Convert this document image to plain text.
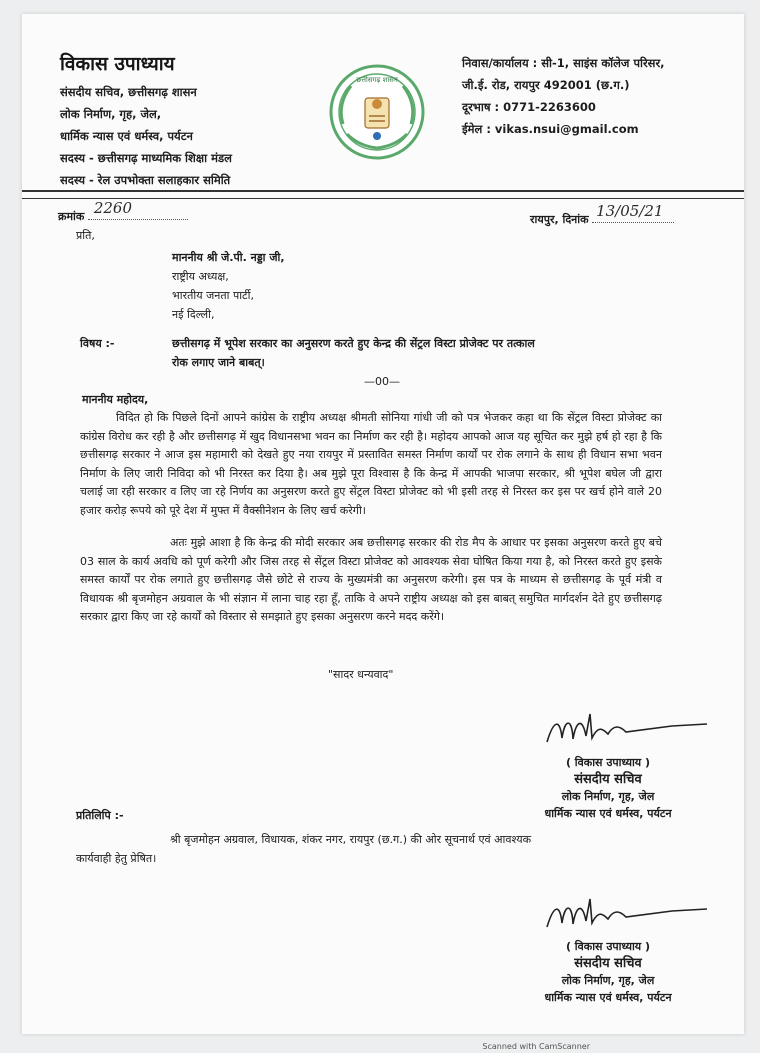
विकास उपाध्याय
संसदीय सचिव, छत्तीसगढ़ शासन
लोक निर्माण, गृह, जेल,
धार्मिक न्यास एवं धर्मस्व, पर्यटन
सदस्य - छत्तीसगढ़ माध्यमिक शिक्षा मंडल
सदस्य - रेल उपभोक्ता सलाहकार समिति
छत्तीसगढ़ शासन
निवास/कार्यालय : सी-1, साइंस कॉलेज परिसर,
जी.ई. रोड, रायपुर 492001 (छ.ग.)
दूरभाष : 0771-2263600
ईमेल : vikas.nsui@gmail.com
क्रमांक 2260
रायपुर, दिनांक 13/05/21
प्रति,
माननीय श्री जे.पी. नड्डा जी,
राष्ट्रीय अध्यक्ष,
भारतीय जनता पार्टी,
नई दिल्ली,
विषय :-	छत्तीसगढ़ में भूपेश सरकार का अनुसरण करते हुए केन्द्र की सेंट्रल विस्टा प्रोजेक्ट पर तत्काल
रोक लगाए जाने बाबत्।
—00—
माननीय महोदय,
विदित हो कि पिछले दिनों आपने कांग्रेस के राष्ट्रीय अध्यक्ष श्रीमती सोनिया गांधी जी को पत्र भेजकर कहा था कि सेंट्रल विस्टा प्रोजेक्ट का कांग्रेस विरोध कर रही है और छत्तीसगढ़ में खुद विधानसभा भवन का निर्माण कर रही है। महोदय आपको आज यह सूचित कर मुझे हर्ष हो रहा है कि छत्तीसगढ़ सरकार ने आज इस महामारी को देखते हुए नया रायपुर में प्रस्तावित समस्त निर्माण कार्यों पर रोक लगाने के साथ ही विधान सभा भवन निर्माण के लिए जारी निविदा को भी निरस्त कर दिया है। अब मुझे पूरा विश्वास है कि केन्द्र में आपकी भाजपा सरकार, श्री भूपेश बघेल जी द्वारा चलाई जा रही सरकार व लिए जा रहे निर्णय का अनुसरण करते हुए सेंट्रल विस्टा प्रोजेक्ट को भी इसी तरह से निरस्त कर इस पर खर्च होने वाले 20 हजार करोड़ रूपये को पूरे देश में मुफ्त में वैक्सीनेशन के लिए खर्च करेगी।
अतः मुझे आशा है कि केन्द्र की मोदी सरकार अब छत्तीसगढ़ सरकार की रोड मैप के आधार पर इसका अनुसरण करते हुए बचे 03 साल के कार्य अवधि को पूर्ण करेगी और जिस तरह से सेंट्रल विस्टा प्रोजेक्ट को आवश्यक सेवा घोषित किया गया है, को निरस्त करते हुए इसके समस्त कार्यों पर रोक लगाते हुए छत्तीसगढ़ जैसे छोटे से राज्य के मुख्यमंत्री का अनुसरण करेगी। इस पत्र के माध्यम से छत्तीसगढ़ के पूर्व मंत्री व विधायक श्री बृजमोहन अग्रवाल के भी संज्ञान में लाना चाह रहा हूँ, ताकि वे अपने राष्ट्रीय अध्यक्ष को इस बाबत् समुचित मार्गदर्शन देते हुए छत्तीसगढ़ सरकार द्वारा किए जा रहे कार्यों को विस्तार से समझाते हुए इसका अनुसरण करने मदद करेंगे।
"सादर धन्यवाद"
( विकास उपाध्याय )
संसदीय सचिव
लोक निर्माण, गृह, जेल
धार्मिक न्यास एवं धर्मस्व, पर्यटन
प्रतिलिपि :-
श्री बृजमोहन अग्रवाल, विधायक, शंकर नगर, रायपुर (छ.ग.) की ओर सूचनार्थ एवं आवश्यक
कार्यवाही हेतु प्रेषित।
( विकास उपाध्याय )
संसदीय सचिव
लोक निर्माण, गृह, जेल
धार्मिक न्यास एवं धर्मस्व, पर्यटन
Scanned with CamScanner
